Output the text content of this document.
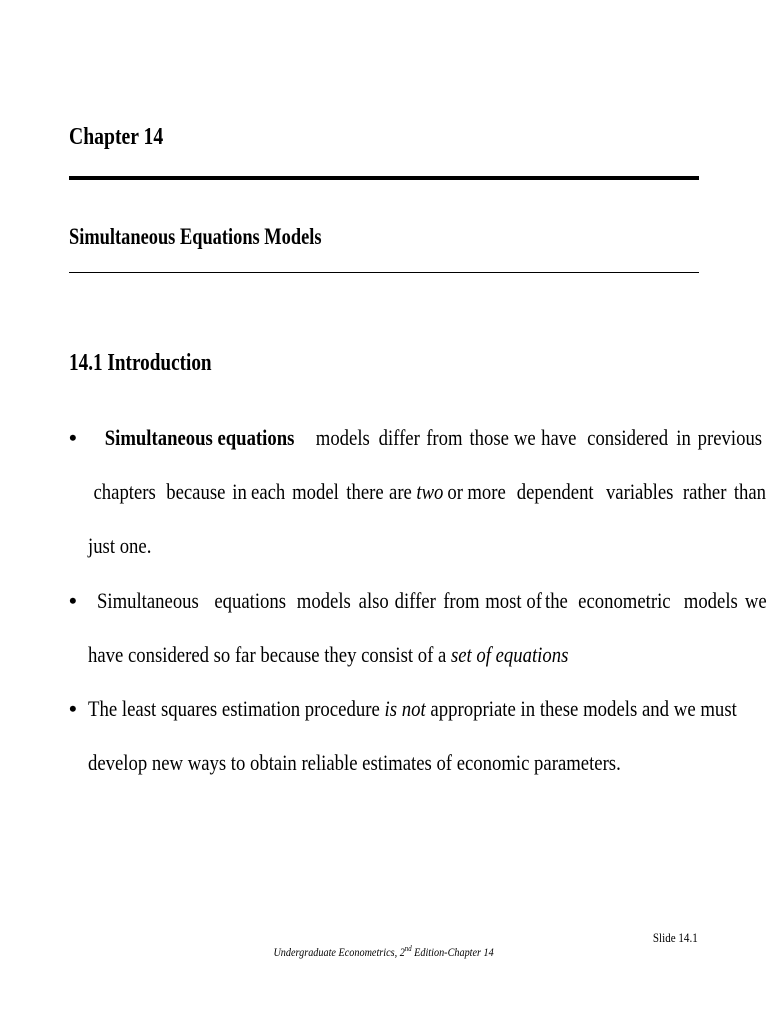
Chapter 14
Simultaneous Equations Models
14.1 Introduction
• Simultaneous equations models differ from those we have considered in previous
chapters because in each model there are two or more dependent variables rather than
just one.
• Simultaneous equations models also differ from most of the econometric models we
have considered so far because they consist of a set of equations
• The least squares estimation procedure is not appropriate in these models and we must
develop new ways to obtain reliable estimates of economic parameters.
Slide 14.1
Undergraduate Econometrics, 2nd Edition-Chapter 14
